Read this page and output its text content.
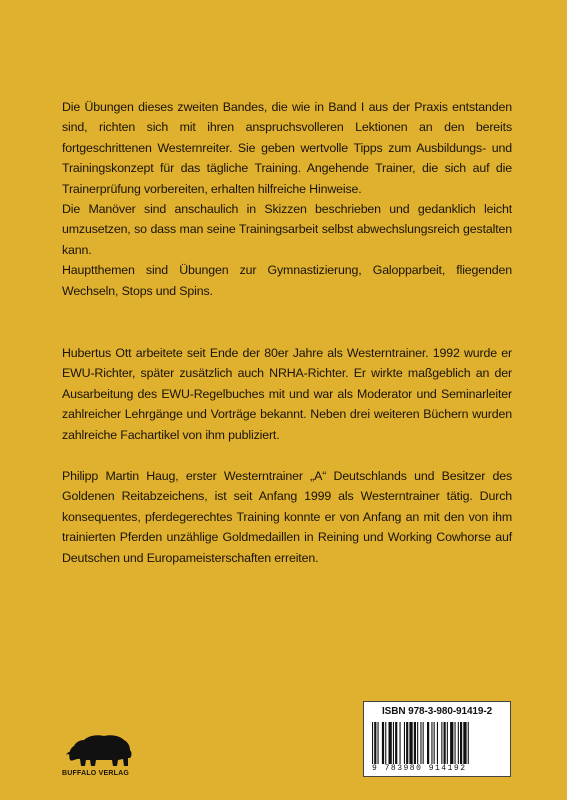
Die Übungen dieses zweiten Bandes, die wie in Band I aus der Praxis entstanden sind, richten sich mit ihren anspruchsvolleren Lektionen an den bereits fortgeschrittenen Westernreiter. Sie geben wertvolle Tipps zum Ausbildungs- und Trainingskonzept für das tägliche Training. Angehende Trainer, die sich auf die Trainerprüfung vorbereiten, erhalten hilfreiche Hinweise.

Die Manöver sind anschaulich in Skizzen beschrieben und gedanklich leicht umzusetzen, so dass man seine Trainingsarbeit selbst abwechslungsreich gestalten kann.

Hauptthemen sind Übungen zur Gymnastizierung, Galopparbeit, fliegenden Wechseln, Stops und Spins.

Hubertus Ott arbeitete seit Ende der 80er Jahre als Westerntrainer. 1992 wurde er EWU-Richter, später zusätzlich auch NRHA-Richter. Er wirkte maßgeblich an der Ausarbeitung des EWU-Regelbuches mit und war als Moderator und Seminarleiter zahlreicher Lehrgänge und Vorträge bekannt. Neben drei weiteren Büchern wurden zahlreiche Fachartikel von ihm publiziert.

Philipp Martin Haug, erster Westerntrainer „A“ Deutschlands und Besitzer des Goldenen Reitabzeichens, ist seit Anfang 1999 als Westerntrainer tätig. Durch konsequentes, pferdegerechtes Training konnte er von Anfang an mit den von ihm trainierten Pferden unzählige Goldmedaillen in Reining und Working Cowhorse auf Deutschen und Europameisterschaften erreiten.

BUFFALO VERLAG
ISBN 978-3-980-91419-2
9 783980 914192
